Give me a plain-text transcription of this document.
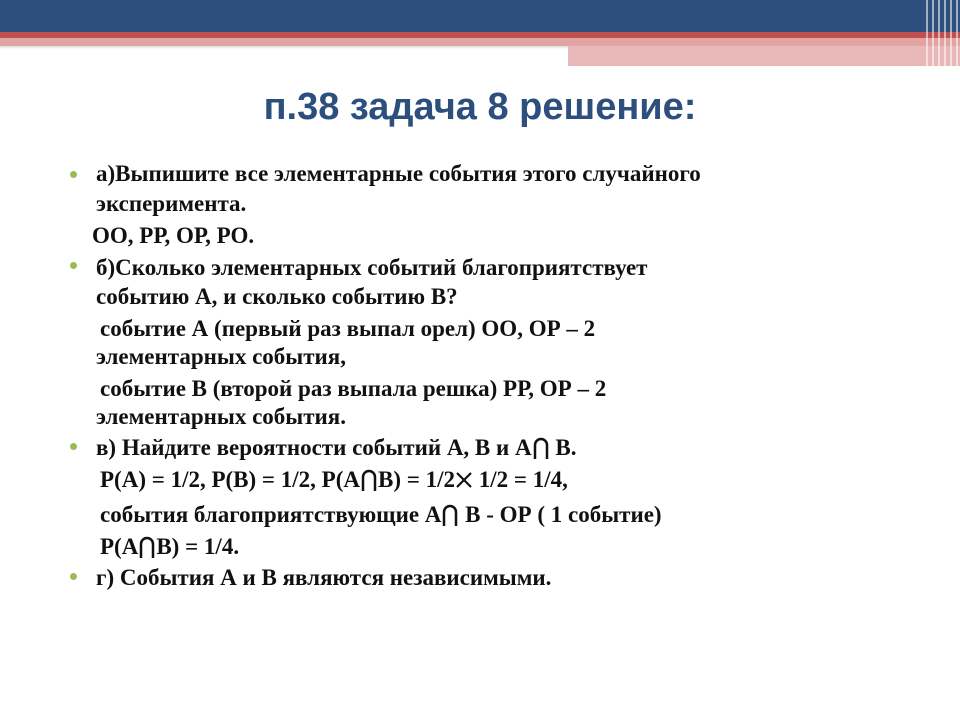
п.38 задача 8 решение:
а)Выпишите все элементарные события этого случайного
эксперимента.
ОО, РР, ОР, РО.
б)Сколько элементарных событий благоприятствует
событию А, и сколько событию В?
событие А (первый раз выпал орел) ОО, ОР – 2
элементарных события,
событие В (второй раз выпала решка) РР, ОР – 2
элементарных события.
в) Найдите вероятности событий А, В и А
В.
Р(А) = 1/2, Р(В) = 1/2, Р(А В) = 1/2
1/2 = 1/4,
события благоприятствующие А
В - ОР ( 1 событие)
Р(А В) = 1/4.
г) События А и В являются независимыми.
